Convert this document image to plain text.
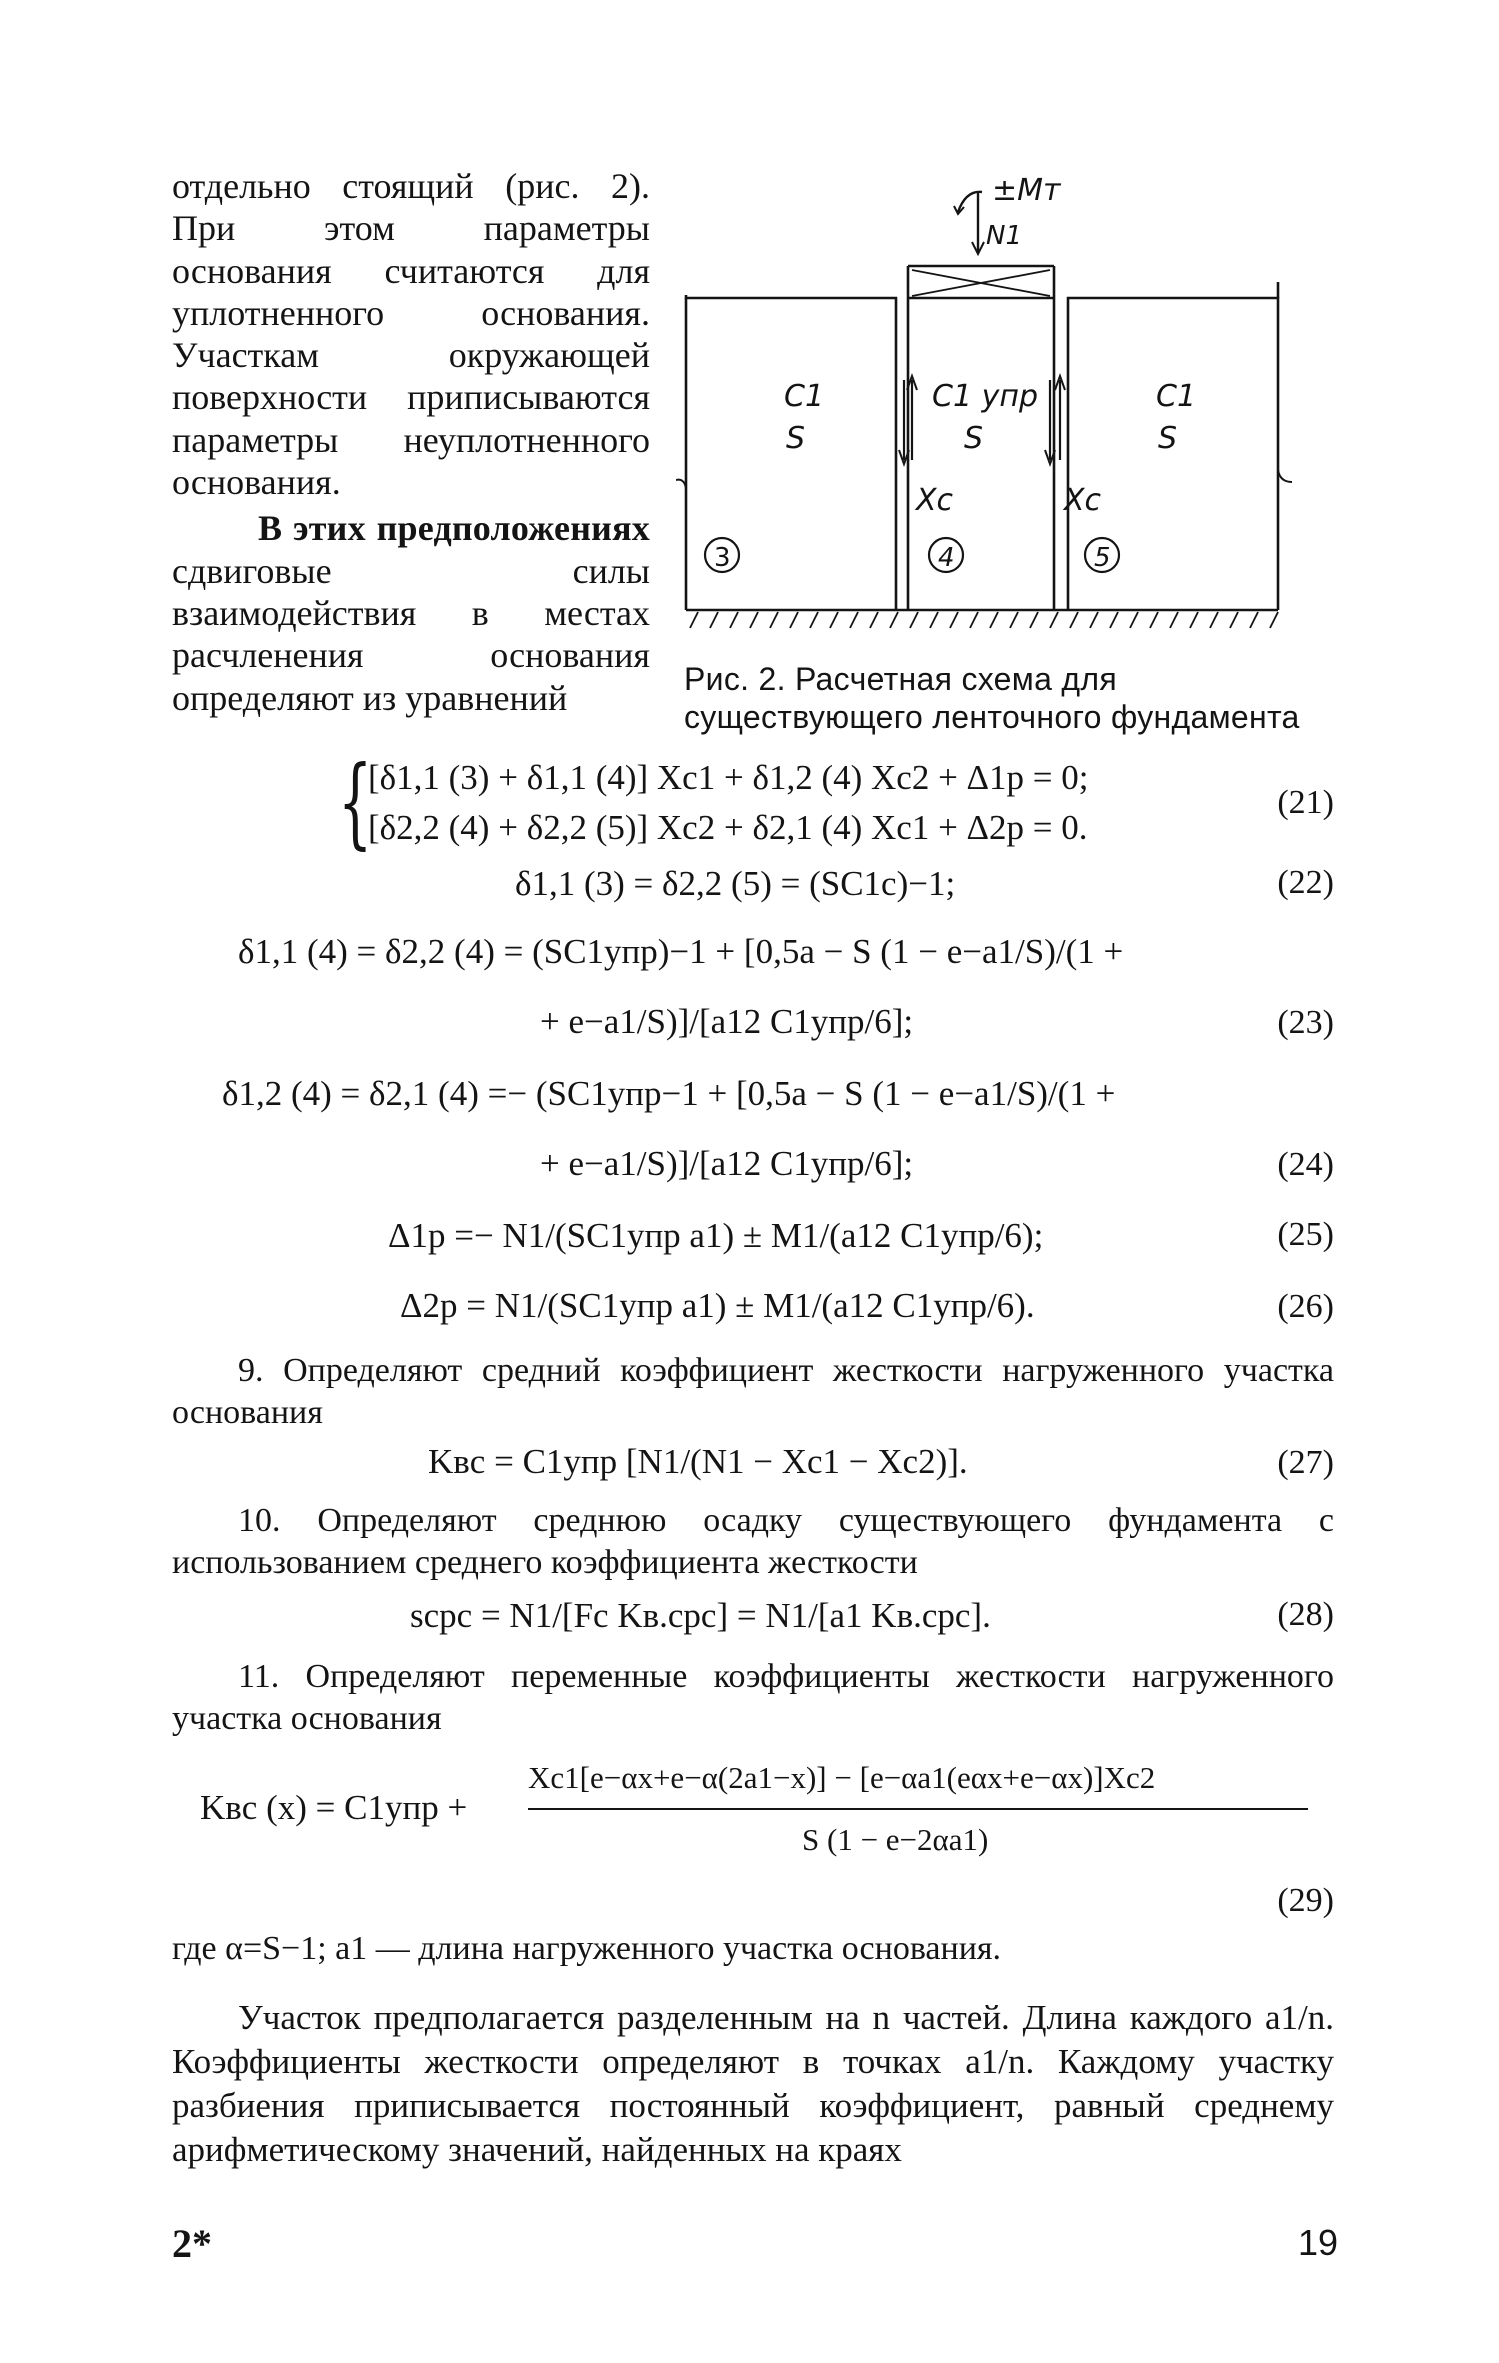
отдельно стоящий (рис. 2). При этом параметры основания считаются для уплотненного основания. Участкам окружающей поверхности приписываются параметры неуплотненного основания.

В этих предположениях сдвиговые силы взаимодействия в местах расчленения основания определяют из уравнений

±Mт
N1
C1
S
C1 упр
S
C1
S
Xc	Xc
3	4	5
Рис. 2. Расчетная схема для существующего ленточного фундамента
{
[δ1,1 (3) + δ1,1 (4)] Xc1 + δ1,2 (4) Xc2 + Δ1p = 0;
[δ2,2 (4) + δ2,2 (5)] Xc2 + δ2,1 (4) Xc1 + Δ2p = 0.
(21)
δ1,1 (3) = δ2,2 (5) = (SC1c)−1;	(22)
δ1,1 (4) = δ2,2 (4) = (SC1упр)−1 + [0,5a − S (1 − e−a1/S)/(1 +
+ e−a1/S)]/[a12 C1упр/6];	(23)
δ1,2 (4) = δ2,1 (4) =− (SC1упр−1 + [0,5a − S (1 − e−a1/S)/(1 +
+ e−a1/S)]/[a12 C1упр/6];	(24)
Δ1p =− N1/(SC1упр a1) ± M1/(a12 C1упр/6);	(25)
Δ2p = N1/(SC1упр a1) ± M1/(a12 C1упр/6).	(26)

9. Определяют средний коэффициент жесткости нагруженного участка основания

Kвc = C1упр [N1/(N1 − Xc1 − Xc2)].	(27)

10. Определяют среднюю осадку существующего фундамента с использованием среднего коэффициента жесткости

scpc = N1/[Fc Kв.cpc] = N1/[a1 Kв.cpc].	(28)

11. Определяют переменные коэффициенты жесткости нагруженного участка основания

Kвc (x) = C1упр +
Xc1[e−αx+e−α(2a1−x)] − [e−αa1(eαx+e−αx)]Xc2
S (1 − e−2αa1)
(29)

где α=S−1; a1 — длина нагруженного участка основания.

Участок предполагается разделенным на n частей. Длина каждого a1/n. Коэффициенты жесткости определяют в точках a1/n. Каждому участку разбиения приписывается постоянный коэффициент, равный среднему арифметическому значений, найденных на краях

2*	19
